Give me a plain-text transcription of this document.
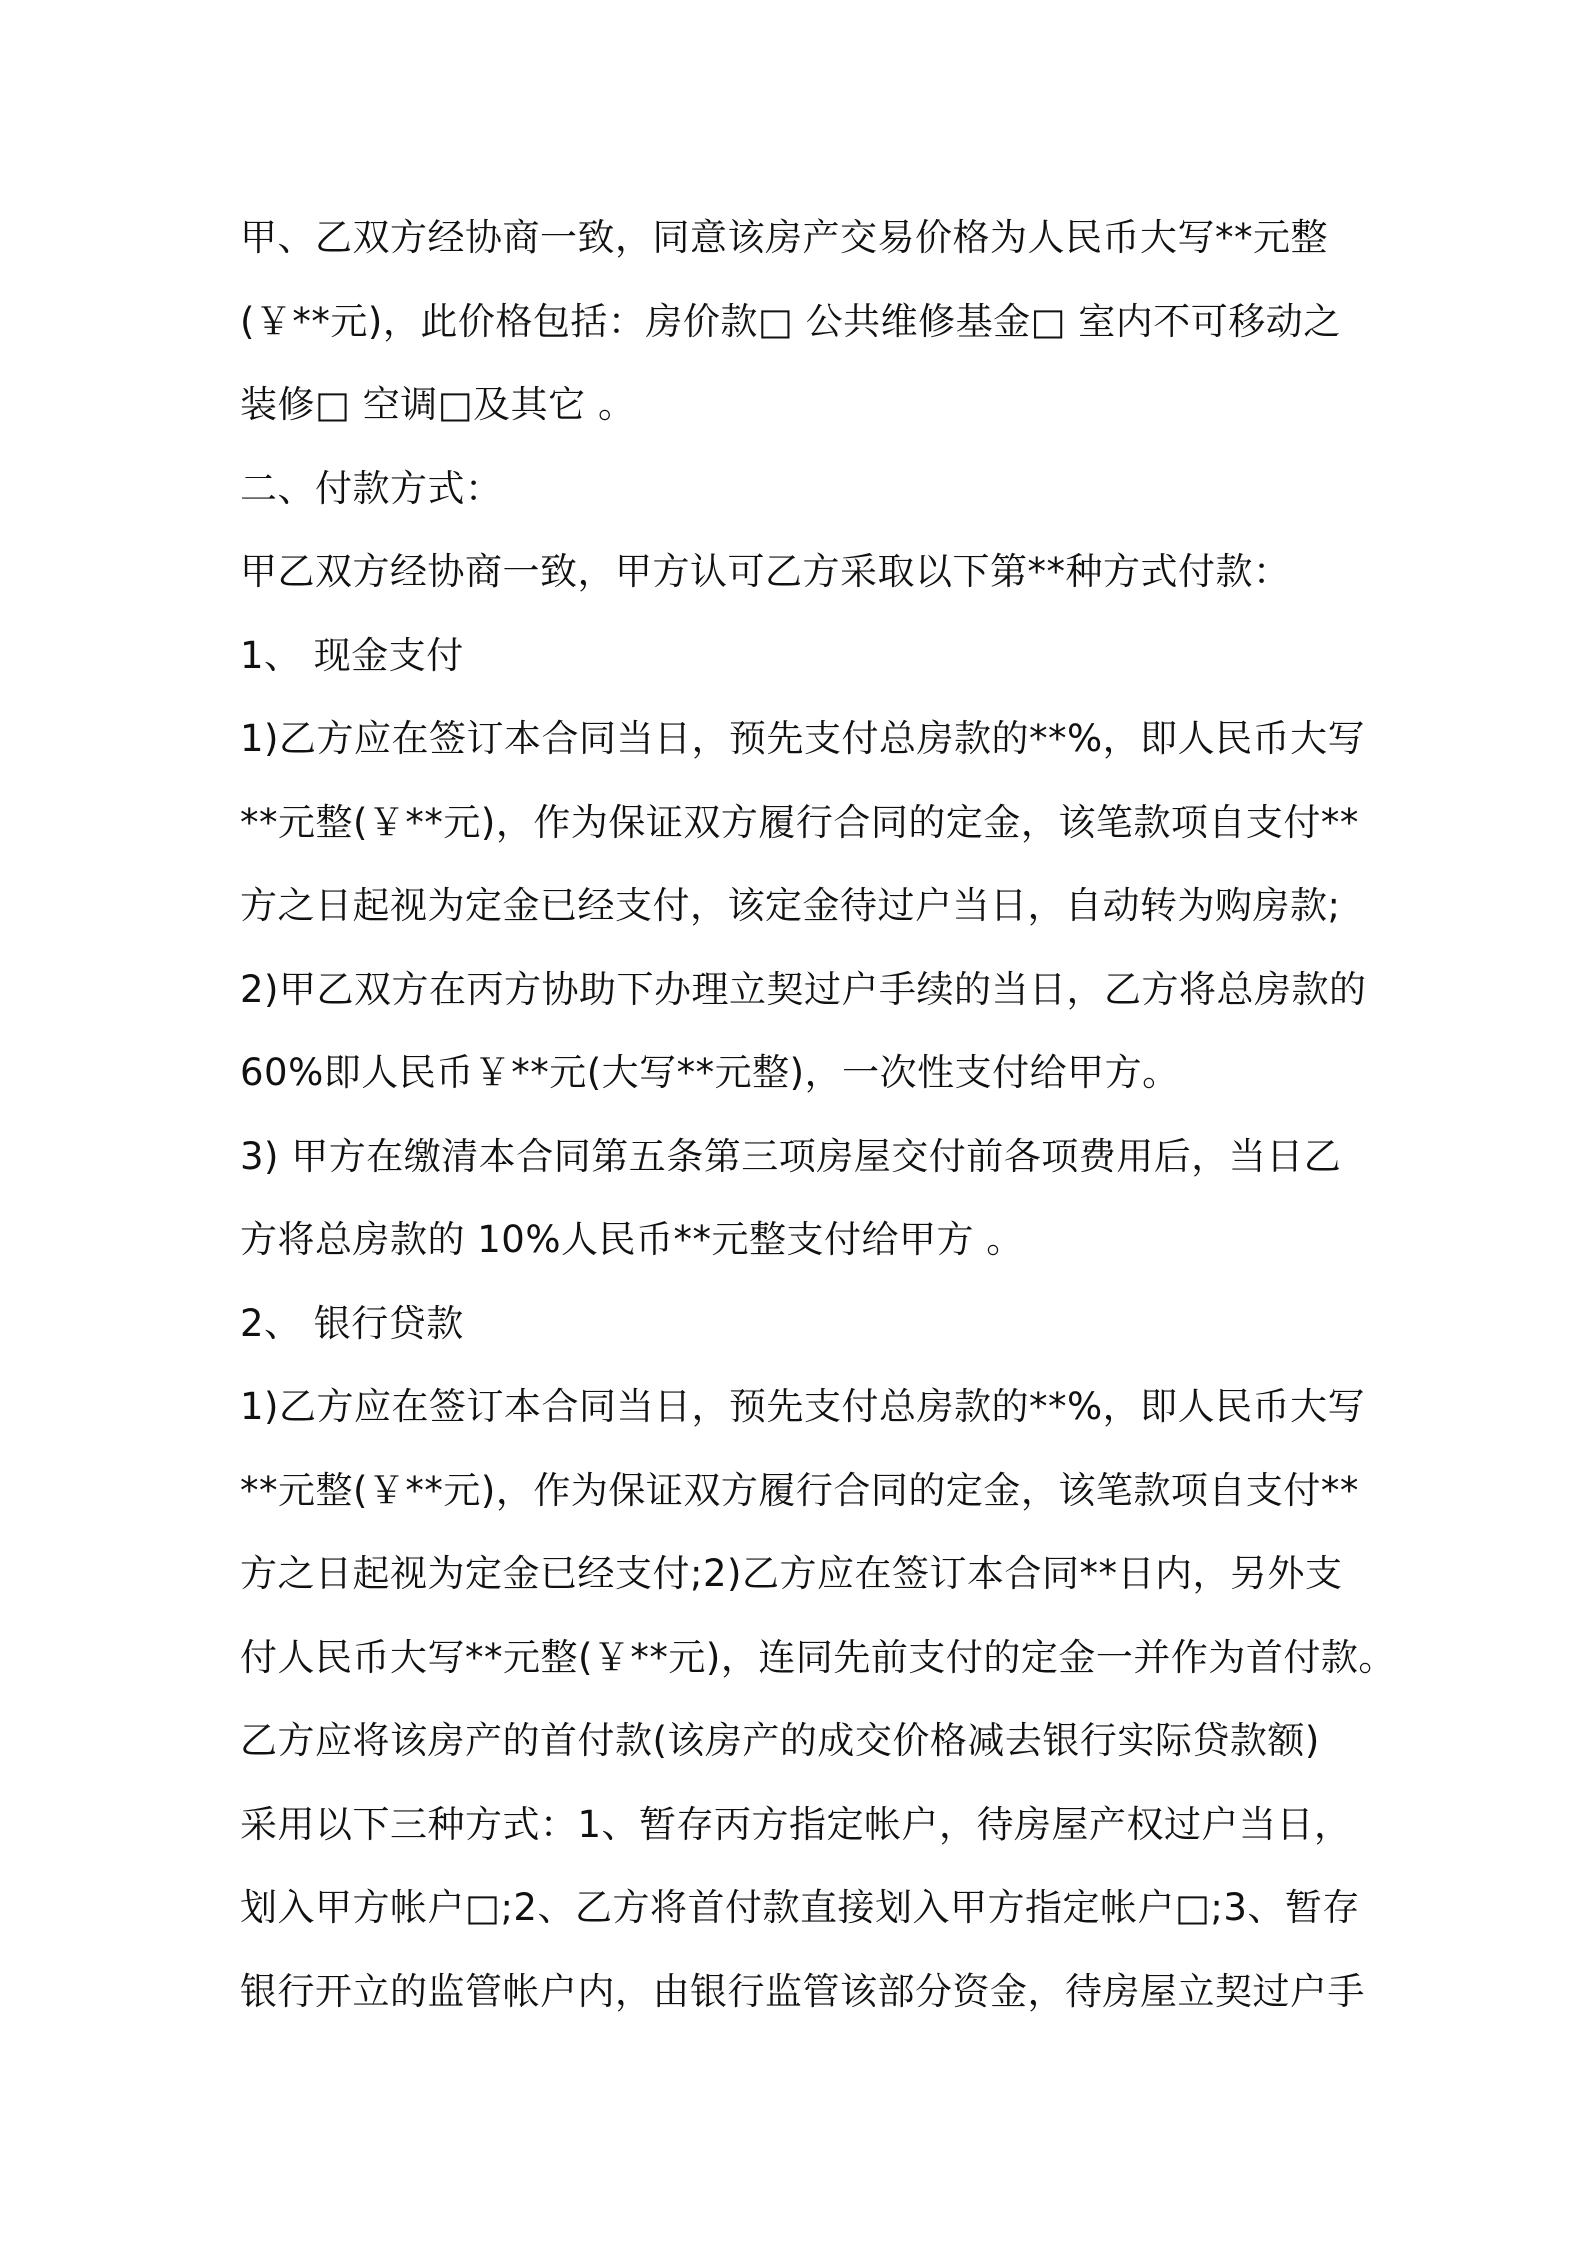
甲、乙双方经协商一致，同意该房产交易价格为人民币大写**元整
(￥**元)，此价格包括：房价款□ 公共维修基金□ 室内不可移动之
装修□ 空调□及其它 。
二、付款方式：
甲乙双方经协商一致，甲方认可乙方采取以下第**种方式付款：
1、 现金支付
1)乙方应在签订本合同当日，预先支付总房款的**%，即人民币大写
**元整(￥**元)，作为保证双方履行合同的定金，该笔款项自支付**
方之日起视为定金已经支付，该定金待过户当日，自动转为购房款;
2)甲乙双方在丙方协助下办理立契过户手续的当日，乙方将总房款的
60%即人民币￥**元(大写**元整)，一次性支付给甲方。
3) 甲方在缴清本合同第五条第三项房屋交付前各项费用后，当日乙
方将总房款的 10%人民币**元整支付给甲方 。
2、 银行贷款
1)乙方应在签订本合同当日，预先支付总房款的**%，即人民币大写
**元整(￥**元)，作为保证双方履行合同的定金，该笔款项自支付**
方之日起视为定金已经支付;2)乙方应在签订本合同**日内，另外支
付人民币大写**元整(￥**元)，连同先前支付的定金一并作为首付款。
乙方应将该房产的首付款(该房产的成交价格减去银行实际贷款额)
采用以下三种方式：1、暂存丙方指定帐户，待房屋产权过户当日，
划入甲方帐户□;2、乙方将首付款直接划入甲方指定帐户□;3、暂存
银行开立的监管帐户内，由银行监管该部分资金，待房屋立契过户手
